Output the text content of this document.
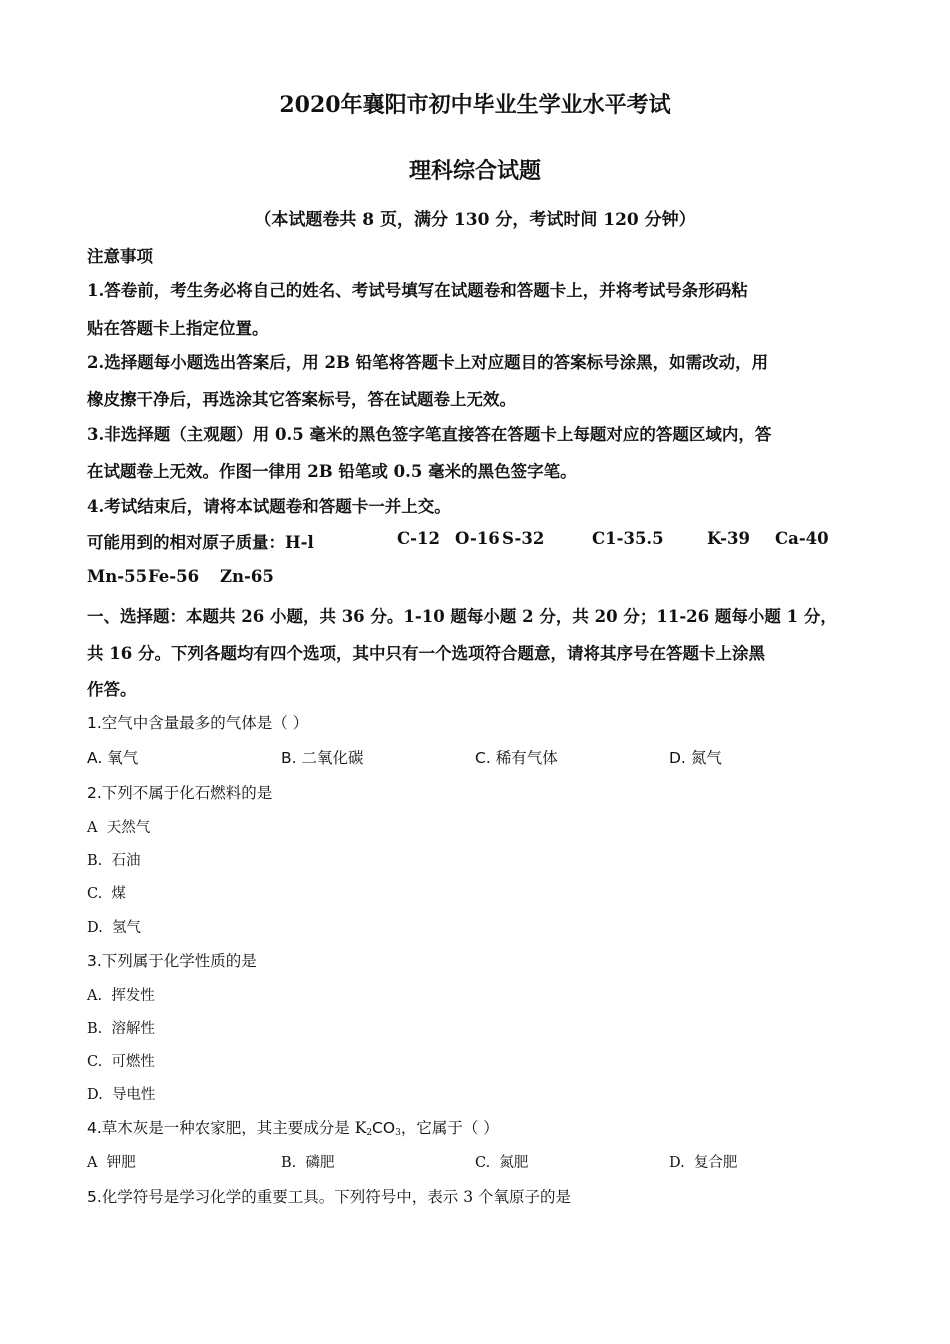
2020年襄阳市初中毕业生学业水平考试
理科综合试题
（本试题卷共 8 页，满分 130 分，考试时间 120 分钟）
注意事项
1.答卷前，考生务必将自己的姓名、考试号填写在试题卷和答题卡上，并将考试号条形码粘
贴在答题卡上指定位置。
2.选择题每小题选出答案后，用 2B 铅笔将答题卡上对应题目的答案标号涂黑，如需改动，用
橡皮擦干净后，再选涂其它答案标号，答在试题卷上无效。
3.非选择题（主观题）用 0.5 毫米的黑色签字笔直接答在答题卡上每题对应的答题区域内，答
在试题卷上无效。作图一律用 2B 铅笔或 0.5 毫米的黑色签字笔。
4.考试结束后，请将本试题卷和答题卡一并上交。
可能用到的相对原子质量：H-l	C-12 O-16 S-32	C1-35.5	K-39 Ca-40
Mn-55 Fe-56 Zn-65
一、选择题：本题共 26 小题，共 36 分。1-10 题每小题 2 分，共 20 分；11-26 题每小题 1 分，
共 16 分。下列各题均有四个选项，其中只有一个选项符合题意，请将其序号在答题卡上涂黑
作答。
1.空气中含量最多的气体是（ ）
A. 氧气	B. 二氧化碳	C. 稀有气体	D. 氮气
2.下列不属于化石燃料的是
A 天然气
B. 石油
C. 煤
D. 氢气
3.下列属于化学性质的是
A. 挥发性
B. 溶解性
C. 可燃性
D. 导电性
4.草木灰是一种农家肥，其主要成分是 $K_2CO_3$，它属于（ ）
A 钾肥	B. 磷肥	C. 氮肥	D. 复合肥
5.化学符号是学习化学的重要工具。下列符号中，表示 3 个氧原子的是
